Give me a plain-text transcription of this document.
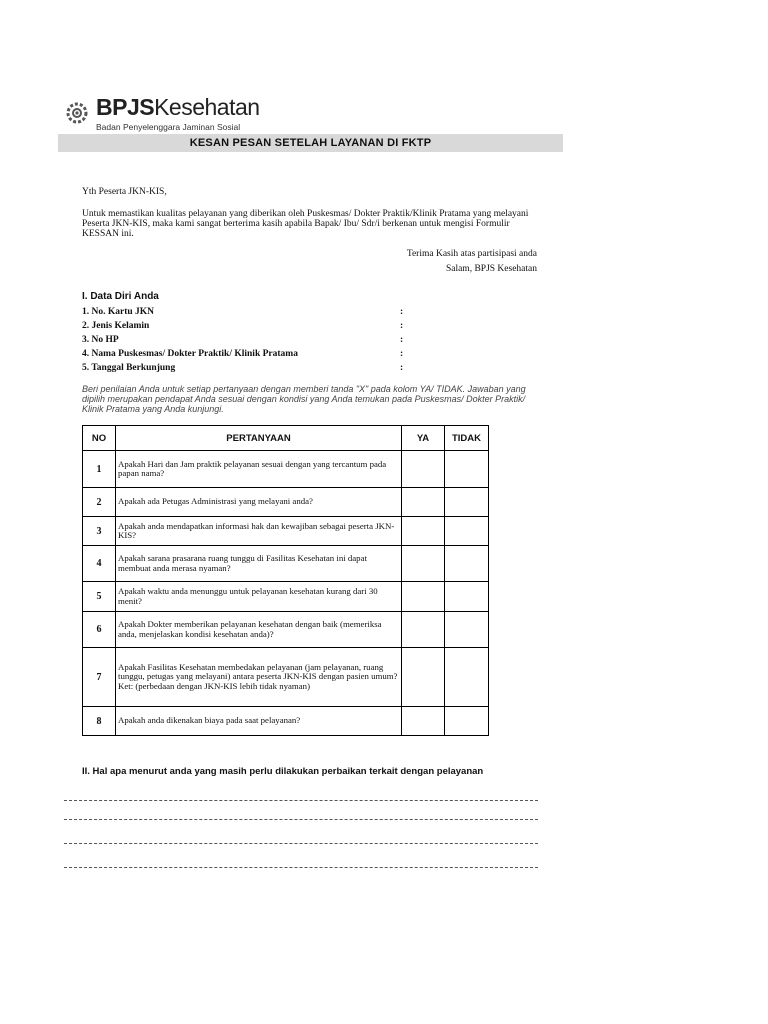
BPJSKesehatan
Badan Penyelenggara Jaminan Sosial
KESAN PESAN SETELAH LAYANAN DI FKTP
Yth Peserta JKN-KIS,
Untuk memastikan kualitas pelayanan yang diberikan oleh Puskesmas/ Dokter Praktik/Klinik Pratama yang melayani Peserta JKN-KIS, maka kami sangat berterima kasih apabila Bapak/ Ibu/ Sdr/i berkenan untuk mengisi Formulir KESSAN ini.
Terima Kasih atas partisipasi anda
Salam, BPJS Kesehatan
I. Data Diri Anda
1. No. Kartu JKN	:
2. Jenis Kelamin	:
3. No HP	:
4. Nama Puskesmas/ Dokter Praktik/ Klinik Pratama	:
5. Tanggal Berkunjung	:
Beri penilaian Anda untuk setiap pertanyaan dengan memberi tanda "X" pada kolom YA/ TIDAK. Jawaban yang dipilih merupakan pendapat Anda sesuai dengan kondisi yang Anda temukan pada Puskesmas/ Dokter Praktik/ Klinik Pratama yang Anda kunjungi.
NO	PERTANYAAN	YA	TIDAK
1	Apakah Hari dan Jam praktik pelayanan sesuai dengan yang tercantum pada papan nama?		
2	Apakah ada Petugas Administrasi yang melayani anda?		
3	Apakah anda mendapatkan informasi hak dan kewajiban sebagai peserta JKN-KIS?		
4	Apakah sarana prasarana ruang tunggu di Fasilitas Kesehatan ini dapat membuat anda merasa nyaman?		
5	Apakah waktu anda menunggu untuk pelayanan kesehatan kurang dari 30 menit?		
6	Apakah Dokter memberikan pelayanan kesehatan dengan baik (memeriksa anda, menjelaskan kondisi kesehatan anda)?		
7	Apakah Fasilitas Kesehatan membedakan pelayanan (jam pelayanan, ruang tunggu, petugas yang melayani) antara peserta JKN-KIS dengan pasien umum?
Ket: (perbedaan dengan JKN-KIS lebih tidak nyaman)		

8	Apakah anda dikenakan biaya pada saat pelayanan?		
II. Hal apa menurut anda yang masih perlu dilakukan perbaikan terkait dengan pelayanan
